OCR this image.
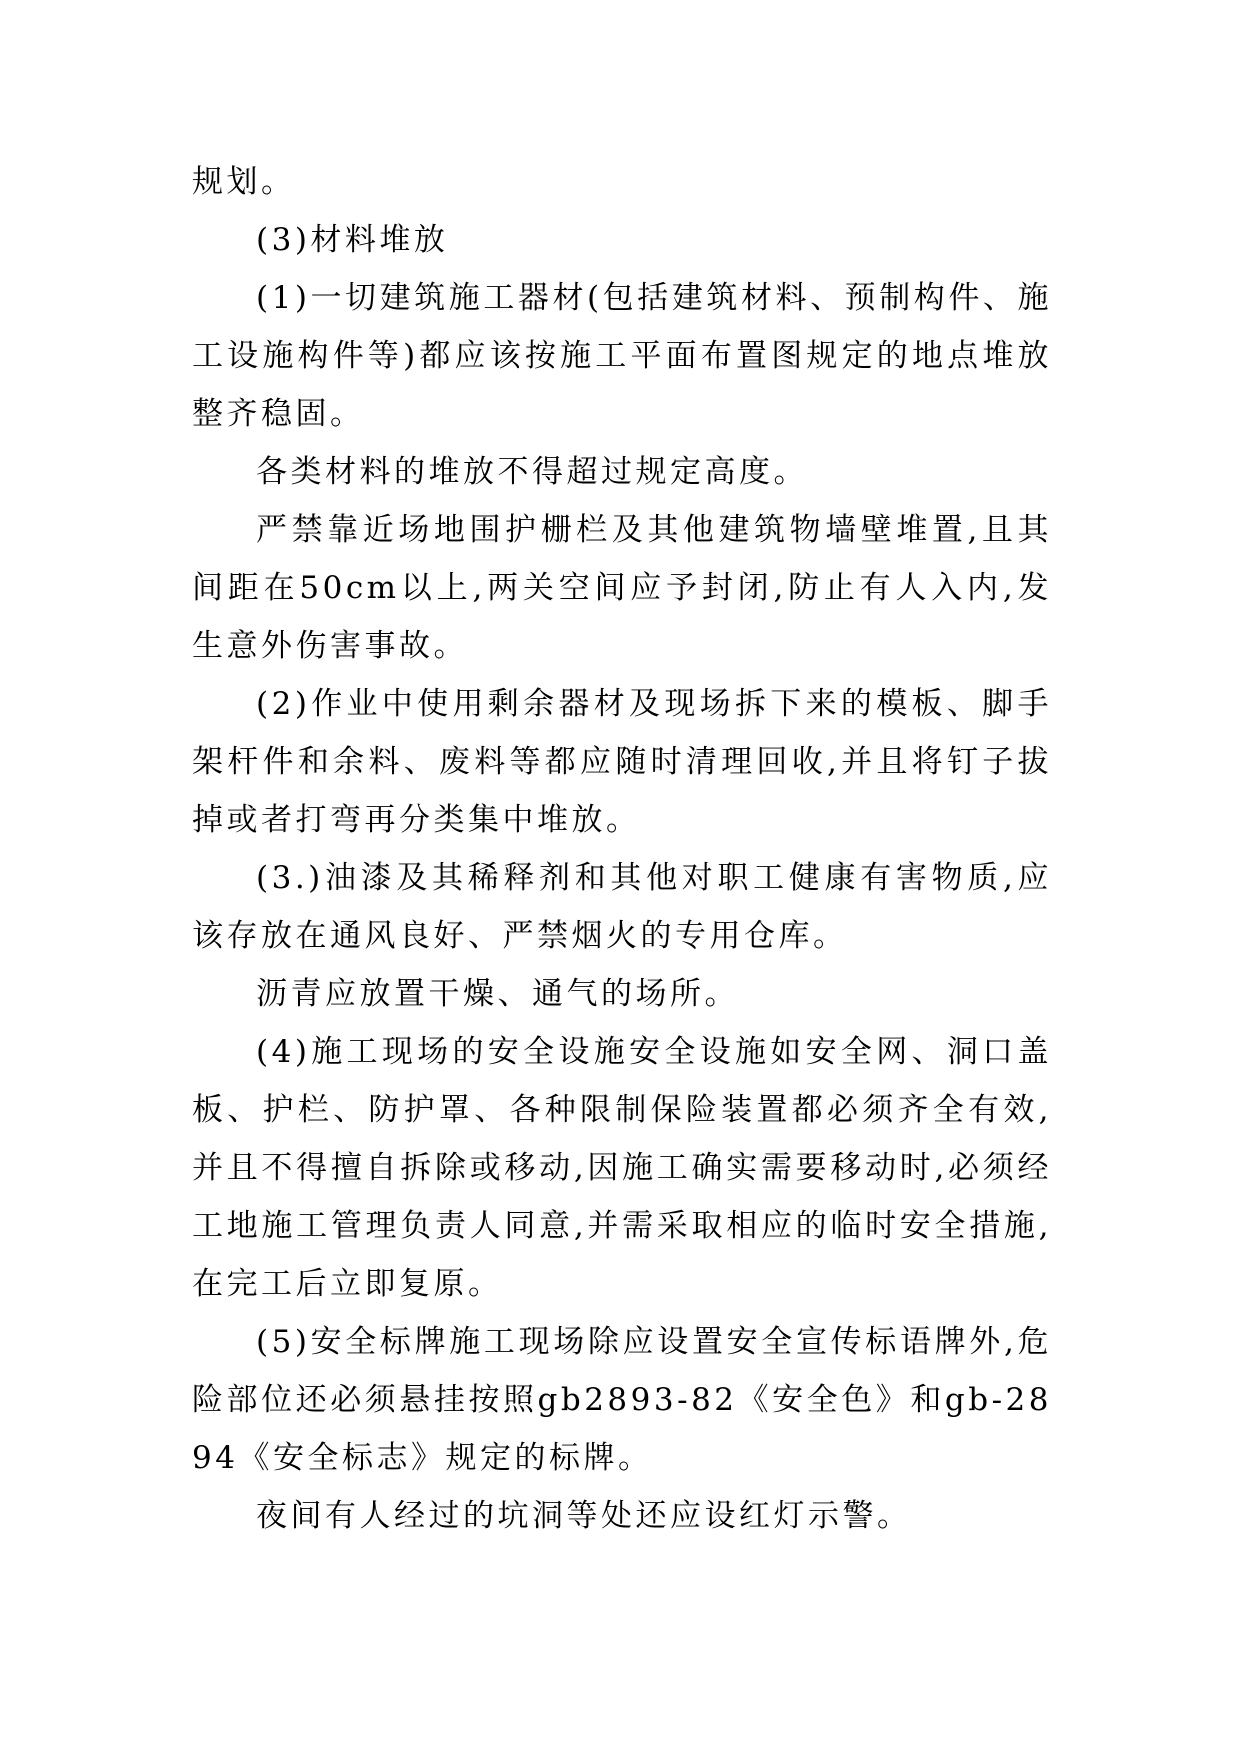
规划。

(3)材料堆放

(1)一切建筑施工器材(包括建筑材料、预制构件、施工设施构件等)都应该按施工平面布置图规定的地点堆放整齐稳固。

各类材料的堆放不得超过规定高度。

严禁靠近场地围护栅栏及其他建筑物墙壁堆置,且其间距在50cm以上,两关空间应予封闭,防止有人入内,发生意外伤害事故。

(2)作业中使用剩余器材及现场拆下来的模板、脚手架杆件和余料、废料等都应随时清理回收,并且将钉子拔掉或者打弯再分类集中堆放。

(3.)油漆及其稀释剂和其他对职工健康有害物质,应该存放在通风良好、严禁烟火的专用仓库。

沥青应放置干燥、通气的场所。

(4)施工现场的安全设施安全设施如安全网、洞口盖板、护栏、防护罩、各种限制保险装置都必须齐全有效,并且不得擅自拆除或移动,因施工确实需要移动时,必须经工地施工管理负责人同意,并需采取相应的临时安全措施,在完工后立即复原。

(5)安全标牌施工现场除应设置安全宣传标语牌外,危险部位还必须悬挂按照gb2893-82《安全色》和gb-2894《安全标志》规定的标牌。

夜间有人经过的坑洞等处还应设红灯示警。
